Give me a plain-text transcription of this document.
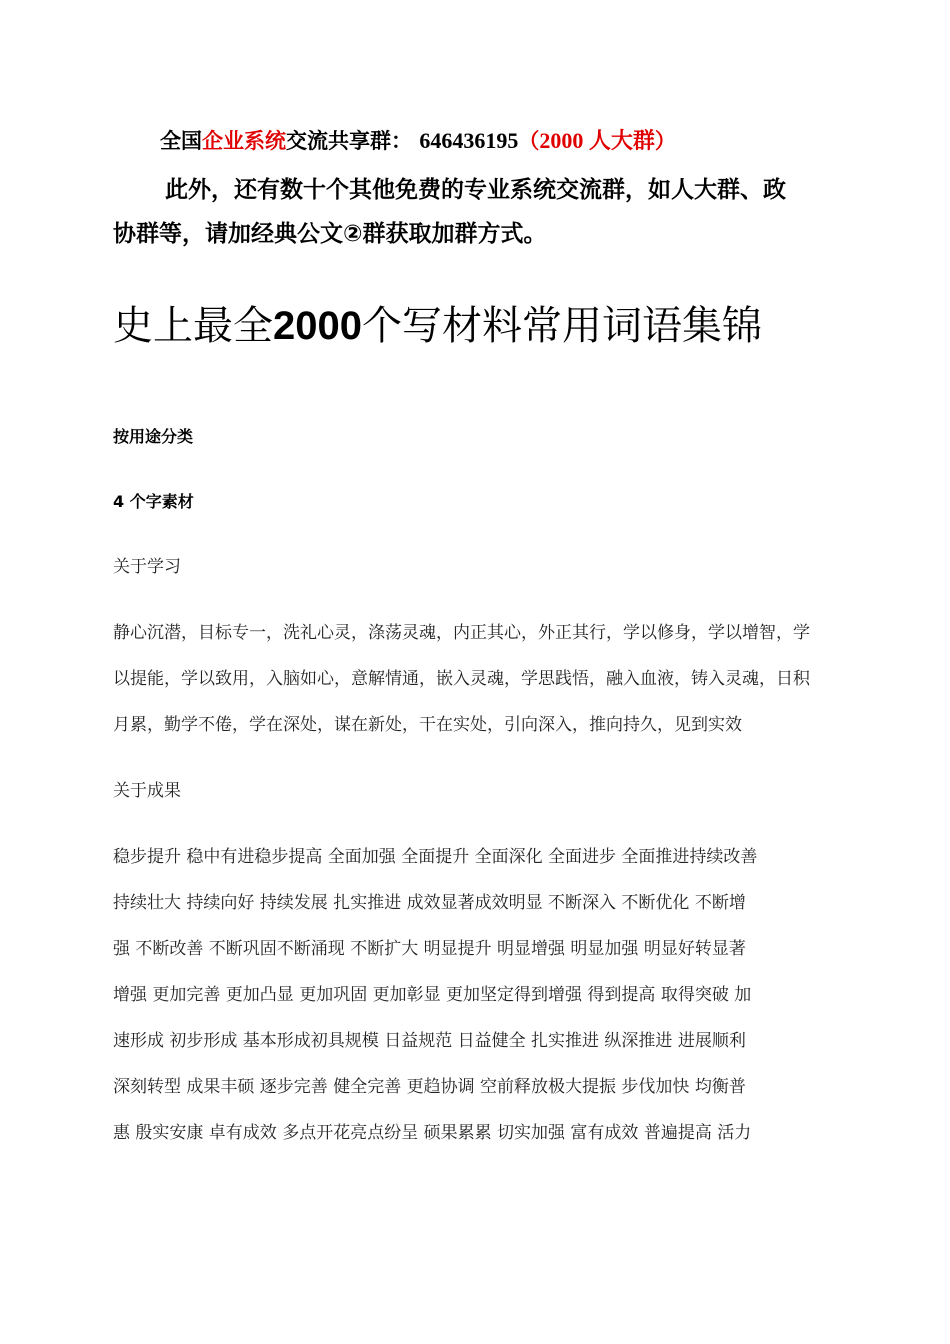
全国企业系统交流共享群： 646436195（2000 人大群）
此外，还有数十个其他免费的专业系统交流群，如人大群、政
协群等，请加经典公文②群获取加群方式。
史上最全2000个写材料常用词语集锦
按用途分类
4 个字素材
关于学习
静心沉潜，目标专一，洗礼心灵，涤荡灵魂，内正其心，外正其行，学以修身，学以增智，学
以提能，学以致用，入脑如心，意解情通，嵌入灵魂，学思践悟，融入血液，铸入灵魂，日积
月累，勤学不倦，学在深处，谋在新处，干在实处，引向深入，推向持久，见到实效
关于成果
稳步提升 稳中有进稳步提高 全面加强 全面提升 全面深化 全面进步 全面推进持续改善
持续壮大 持续向好 持续发展 扎实推进 成效显著成效明显 不断深入 不断优化 不断增
强 不断改善 不断巩固不断涌现 不断扩大 明显提升 明显增强 明显加强 明显好转显著
增强 更加完善 更加凸显 更加巩固 更加彰显 更加坚定得到增强 得到提高 取得突破 加
速形成 初步形成 基本形成初具规模 日益规范 日益健全 扎实推进 纵深推进 进展顺利
深刻转型 成果丰硕 逐步完善 健全完善 更趋协调 空前释放极大提振 步伐加快 均衡普
惠 殷实安康 卓有成效 多点开花亮点纷呈 硕果累累 切实加强 富有成效 普遍提高 活力
